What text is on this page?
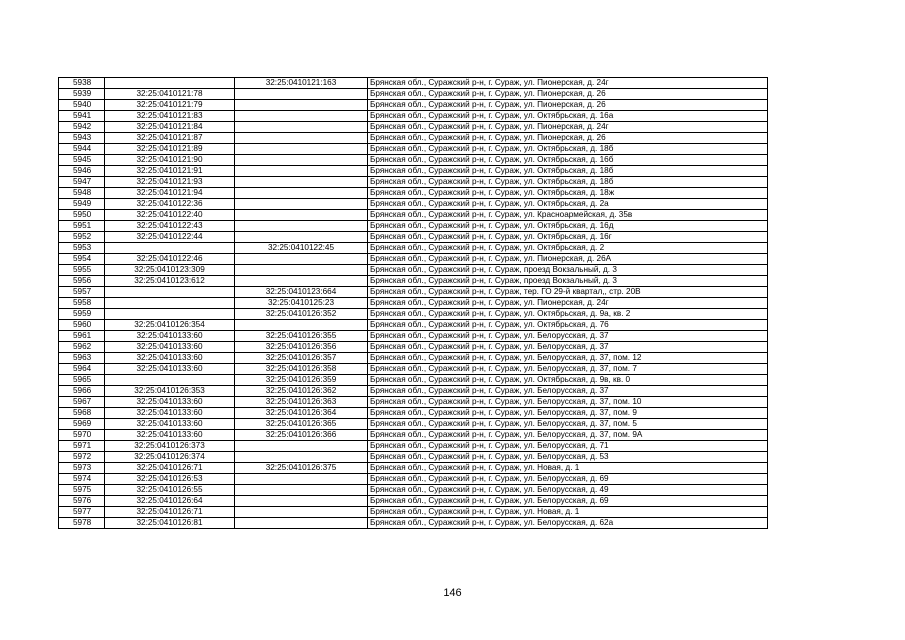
5938		32:25:0410121:163	Брянская обл., Суражский р-н, г. Сураж, ул. Пионерская, д. 24г
5939	32:25:0410121:78		Брянская обл., Суражский р-н, г. Сураж, ул. Пионерская, д. 26
5940	32:25:0410121:79		Брянская обл., Суражский р-н, г. Сураж, ул. Пионерская, д. 26
5941	32:25:0410121:83		Брянская обл., Суражский р-н, г. Сураж, ул. Октябрьская, д. 16а
5942	32:25:0410121:84		Брянская обл., Суражский р-н, г. Сураж, ул. Пионерская, д. 24г
5943	32:25:0410121:87		Брянская обл., Суражский р-н, г. Сураж, ул. Пионерская, д. 26
5944	32:25:0410121:89		Брянская обл., Суражский р-н, г. Сураж, ул. Октябрьская, д. 18б
5945	32:25:0410121:90		Брянская обл., Суражский р-н, г. Сураж, ул. Октябрьская, д. 16б
5946	32:25:0410121:91		Брянская обл., Суражский р-н, г. Сураж, ул. Октябрьская, д. 18б
5947	32:25:0410121:93		Брянская обл., Суражский р-н, г. Сураж, ул. Октябрьская, д. 18б
5948	32:25:0410121:94		Брянская обл., Суражский р-н, г. Сураж, ул. Октябрьская, д. 18ж
5949	32:25:0410122:36		Брянская обл., Суражский р-н, г. Сураж, ул. Октябрьская, д. 2а
5950	32:25:0410122:40		Брянская обл., Суражский р-н, г. Сураж, ул. Красноармейская, д. 35в
5951	32:25:0410122:43		Брянская обл., Суражский р-н, г. Сураж, ул. Октябрьская, д. 16д
5952	32:25:0410122:44		Брянская обл., Суражский р-н, г. Сураж, ул. Октябрьская, д. 16г
5953		32:25:0410122:45	Брянская обл., Суражский р-н, г. Сураж, ул. Октябрьская, д. 2
5954	32:25:0410122:46		Брянская обл., Суражский р-н, г. Сураж, ул. Пионерская, д. 26А
5955	32:25:0410123:309		Брянская обл., Суражский р-н, г. Сураж, проезд Вокзальный, д. 3
5956	32:25:0410123:612		Брянская обл., Суражский р-н, г. Сураж, проезд Вокзальный, д. 3
5957		32:25:0410123:664	Брянская обл., Суражский р-н, г. Сураж, тер. ГО 29-й квартал,, стр. 20В
5958		32:25:0410125:23	Брянская обл., Суражский р-н, г. Сураж, ул. Пионерская, д. 24г
5959		32:25:0410126:352	Брянская обл., Суражский р-н, г. Сураж, ул. Октябрьская, д. 9а, кв. 2
5960	32:25:0410126:354		Брянская обл., Суражский р-н, г. Сураж, ул. Октябрьская, д. 76
5961	32:25:0410133:60	32:25:0410126:355	Брянская обл., Суражский р-н, г. Сураж, ул. Белорусская, д. 37
5962	32:25:0410133:60	32:25:0410126:356	Брянская обл., Суражский р-н, г. Сураж, ул. Белорусская, д. 37
5963	32:25:0410133:60	32:25:0410126:357	Брянская обл., Суражский р-н, г. Сураж, ул. Белорусская, д. 37, пом. 12
5964	32:25:0410133:60	32:25:0410126:358	Брянская обл., Суражский р-н, г. Сураж, ул. Белорусская, д. 37, пом. 7
5965		32:25:0410126:359	Брянская обл., Суражский р-н, г. Сураж, ул. Октябрьская, д. 9в, кв. 0
5966	32:25:0410126:353	32:25:0410126:362	Брянская обл., Суражский р-н, г. Сураж, ул. Белорусская, д. 37
5967	32:25:0410133:60	32:25:0410126:363	Брянская обл., Суражский р-н, г. Сураж, ул. Белорусская, д. 37, пом. 10
5968	32:25:0410133:60	32:25:0410126:364	Брянская обл., Суражский р-н, г. Сураж, ул. Белорусская, д. 37, пом. 9
5969	32:25:0410133:60	32:25:0410126:365	Брянская обл., Суражский р-н, г. Сураж, ул. Белорусская, д. 37, пом. 5
5970	32:25:0410133:60	32:25:0410126:366	Брянская обл., Суражский р-н, г. Сураж, ул. Белорусская, д. 37, пом. 9А
5971	32:25:0410126:373		Брянская обл., Суражский р-н, г. Сураж, ул. Белорусская, д. 71
5972	32:25:0410126:374		Брянская обл., Суражский р-н, г. Сураж, ул. Белорусская, д. 53
5973	32:25:0410126:71	32:25:0410126:375	Брянская обл., Суражский р-н, г. Сураж, ул. Новая, д. 1
5974	32:25:0410126:53		Брянская обл., Суражский р-н, г. Сураж, ул. Белорусская, д. 69
5975	32:25:0410126:55		Брянская обл., Суражский р-н, г. Сураж, ул. Белорусская, д. 49
5976	32:25:0410126:64		Брянская обл., Суражский р-н, г. Сураж, ул. Белорусская, д. 69
5977	32:25:0410126:71		Брянская обл., Суражский р-н, г. Сураж, ул. Новая, д. 1
5978	32:25:0410126:81		Брянская обл., Суражский р-н, г. Сураж, ул. Белорусская, д. 62а
146
